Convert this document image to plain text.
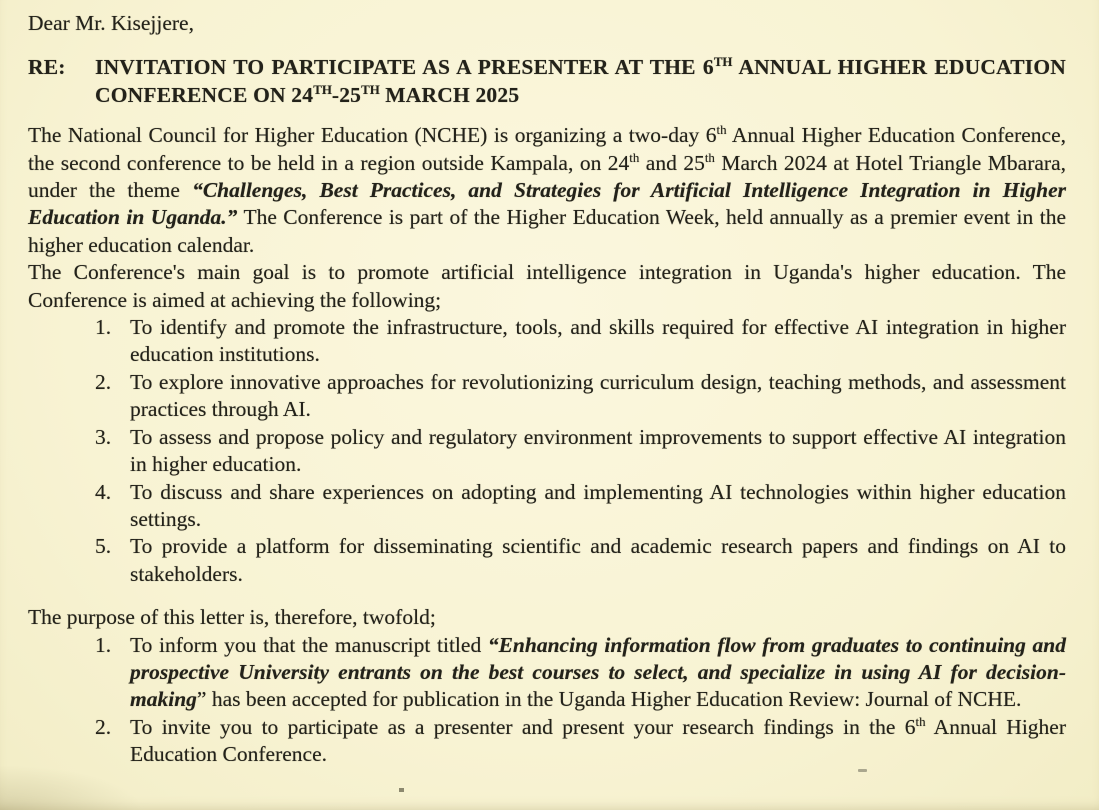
Dear Mr. Kisejjere,

RE: INVITATION TO PARTICIPATE AS A PRESENTER AT THE 6TH ANNUAL HIGHER EDUCATION CONFERENCE ON 24TH-25TH MARCH 2025

The National Council for Higher Education (NCHE) is organizing a two-day 6th Annual Higher Education Conference, the second conference to be held in a region outside Kampala, on 24th and 25th March 2024 at Hotel Triangle Mbarara, under the theme “Challenges, Best Practices, and Strategies for Artificial Intelligence Integration in Higher Education in Uganda.” The Conference is part of the Higher Education Week, held annually as a premier event in the higher education calendar.

The Conference's main goal is to promote artificial intelligence integration in Uganda's higher education. The Conference is aimed at achieving the following;

1. To identify and promote the infrastructure, tools, and skills required for effective AI integration in higher education institutions.
2. To explore innovative approaches for revolutionizing curriculum design, teaching methods, and assessment practices through AI.
3. To assess and propose policy and regulatory environment improvements to support effective AI integration in higher education.
4. To discuss and share experiences on adopting and implementing AI technologies within higher education settings.
5. To provide a platform for disseminating scientific and academic research papers and findings on AI to stakeholders.

The purpose of this letter is, therefore, twofold;

1. To inform you that the manuscript titled “Enhancing information flow from graduates to continuing and prospective University entrants on the best courses to select, and specialize in using AI for decision-making” has been accepted for publication in the Uganda Higher Education Review: Journal of NCHE.
2. To invite you to participate as a presenter and present your research findings in the 6th Annual Higher Education Conference.
